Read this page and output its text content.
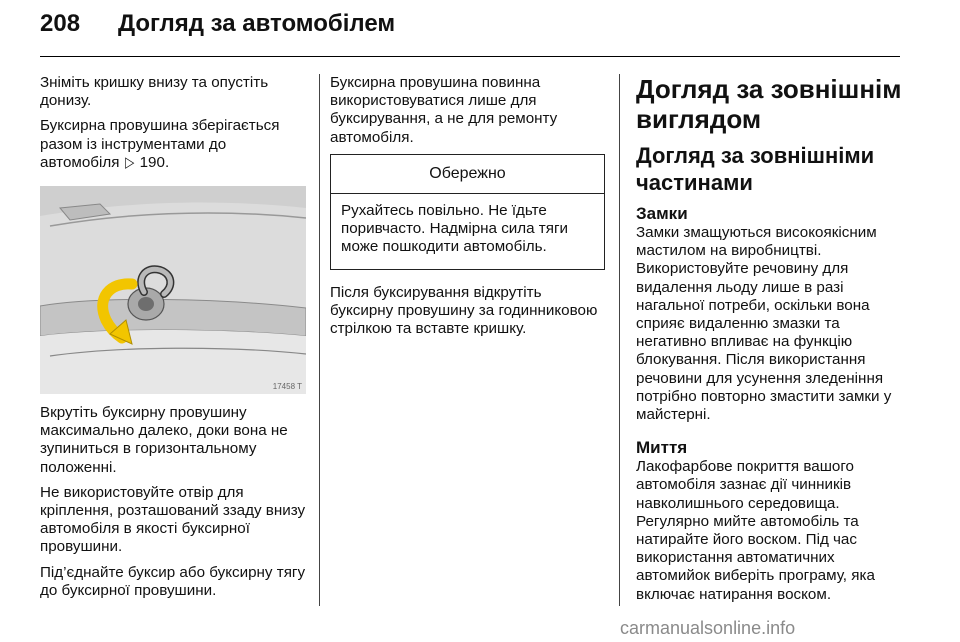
208 Догляд за автомобілем

Зніміть кришку внизу та опустіть донизу.

Буксирна провушина зберігається разом із інструментами до автомобіля ▷ 190.

17458 T

Вкрутіть буксирну провушину максимально далеко, доки вона не зупиниться в горизонтальному положенні.

Не використовуйте отвір для кріплення, розташований ззаду внизу автомобіля в якості буксирної провушини.

Під’єднайте буксир або буксирну тягу до буксирної провушини.

Буксирна провушина повинна використовуватися лише для буксирування, а не для ремонту автомобіля.

Обережно
Рухайтесь повільно. Не їдьте поривчасто. Надмірна сила тяги може пошкодити автомобіль.

Після буксирування відкрутіть буксирну провушину за годинниковою стрілкою та вставте кришку.

Догляд за зовнішнім виглядом
Догляд за зовнішніми частинами
Замки

Замки змащуються високоякісним мастилом на виробництві. Використовуйте речовину для видалення льоду лише в разі нагальної потреби, оскільки вона сприяє видаленню змазки та негативно впливає на функцію блокування. Після використання речовини для усунення зледеніння потрібно повторно змастити замки у майстерні.

Миття

Лакофарбове покриття вашого автомобіля зазнає дії чинників навколишнього середовища. Регулярно мийте автомобіль та натирайте його воском. Під час використання автоматичних автомийок виберіть програму, яка включає натирання воском.

carmanualsonline.info
